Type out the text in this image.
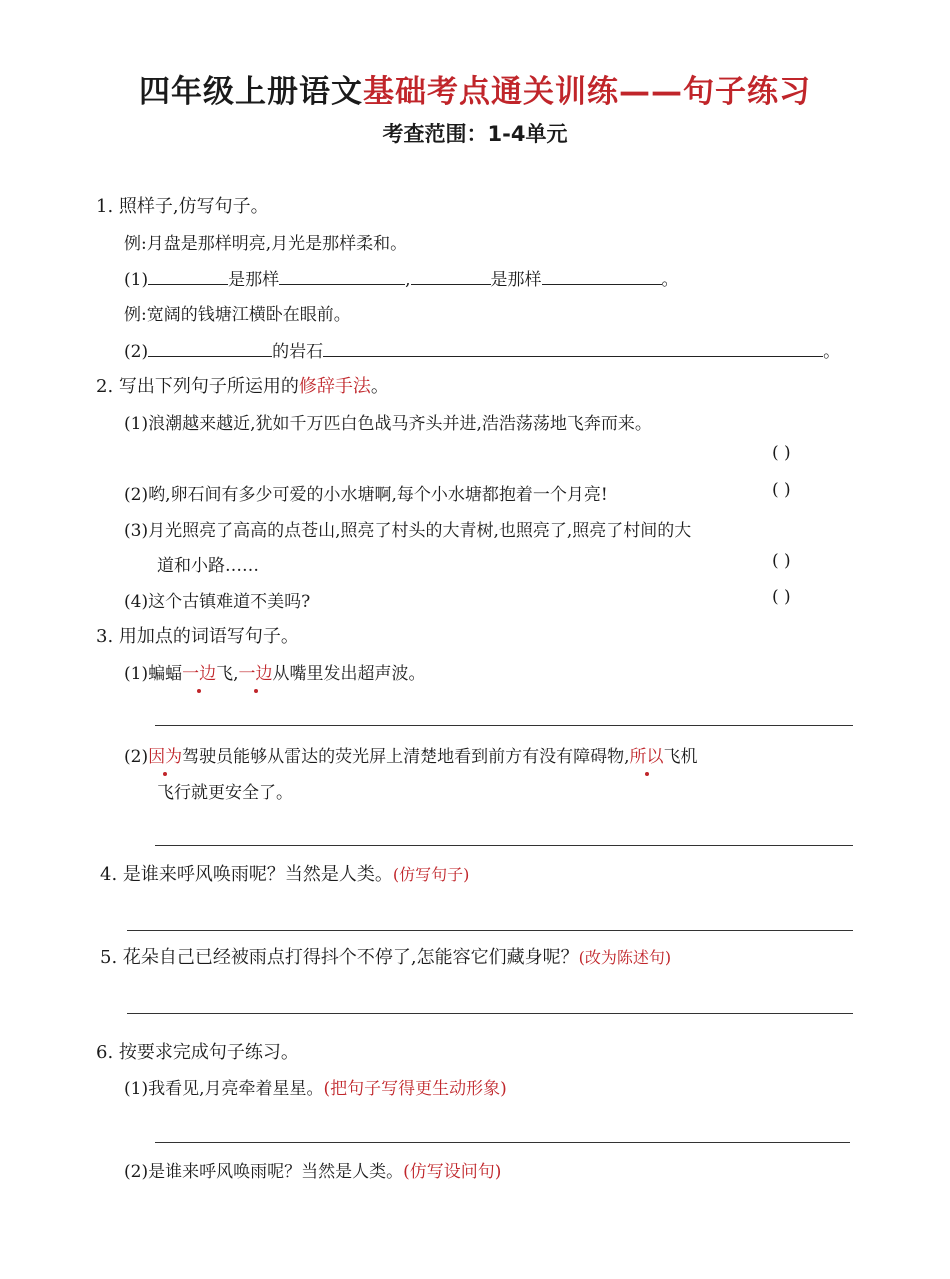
四年级上册语文基础考点通关训练——句子练习
考查范围：1-4单元
1. 照样子,仿写句子。
例:月盘是那样明亮,月光是那样柔和。
(1)	是那样	,	是那样	。
例:宽阔的钱塘江横卧在眼前。
(2)	的岩石	。
2. 写出下列句子所运用的修辞手法。
(1)浪潮越来越近,犹如千万匹白色战马齐头并进,浩浩荡荡地飞奔而来。
( )
(2)哟,卵石间有多少可爱的小水塘啊,每个小水塘都抱着一个月亮!	( )
(3)月光照亮了高高的点苍山,照亮了村头的大青树,也照亮了,照亮了村间的大
道和小路……	( )
(4)这个古镇难道不美吗?	( )
3. 用加点的词语写句子。
(1)蝙蝠一边飞,一边从嘴里发出超声波。
(2)因为驾驶员能够从雷达的荧光屏上清楚地看到前方有没有障碍物,所以飞机
飞行就更安全了。
4. 是谁来呼风唤雨呢？当然是人类。(仿写句子)
5. 花朵自己已经被雨点打得抖个不停了,怎能容它们藏身呢？(改为陈述句)
6. 按要求完成句子练习。
(1)我看见,月亮牵着星星。(把句子写得更生动形象)
(2)是谁来呼风唤雨呢？当然是人类。(仿写设问句)
